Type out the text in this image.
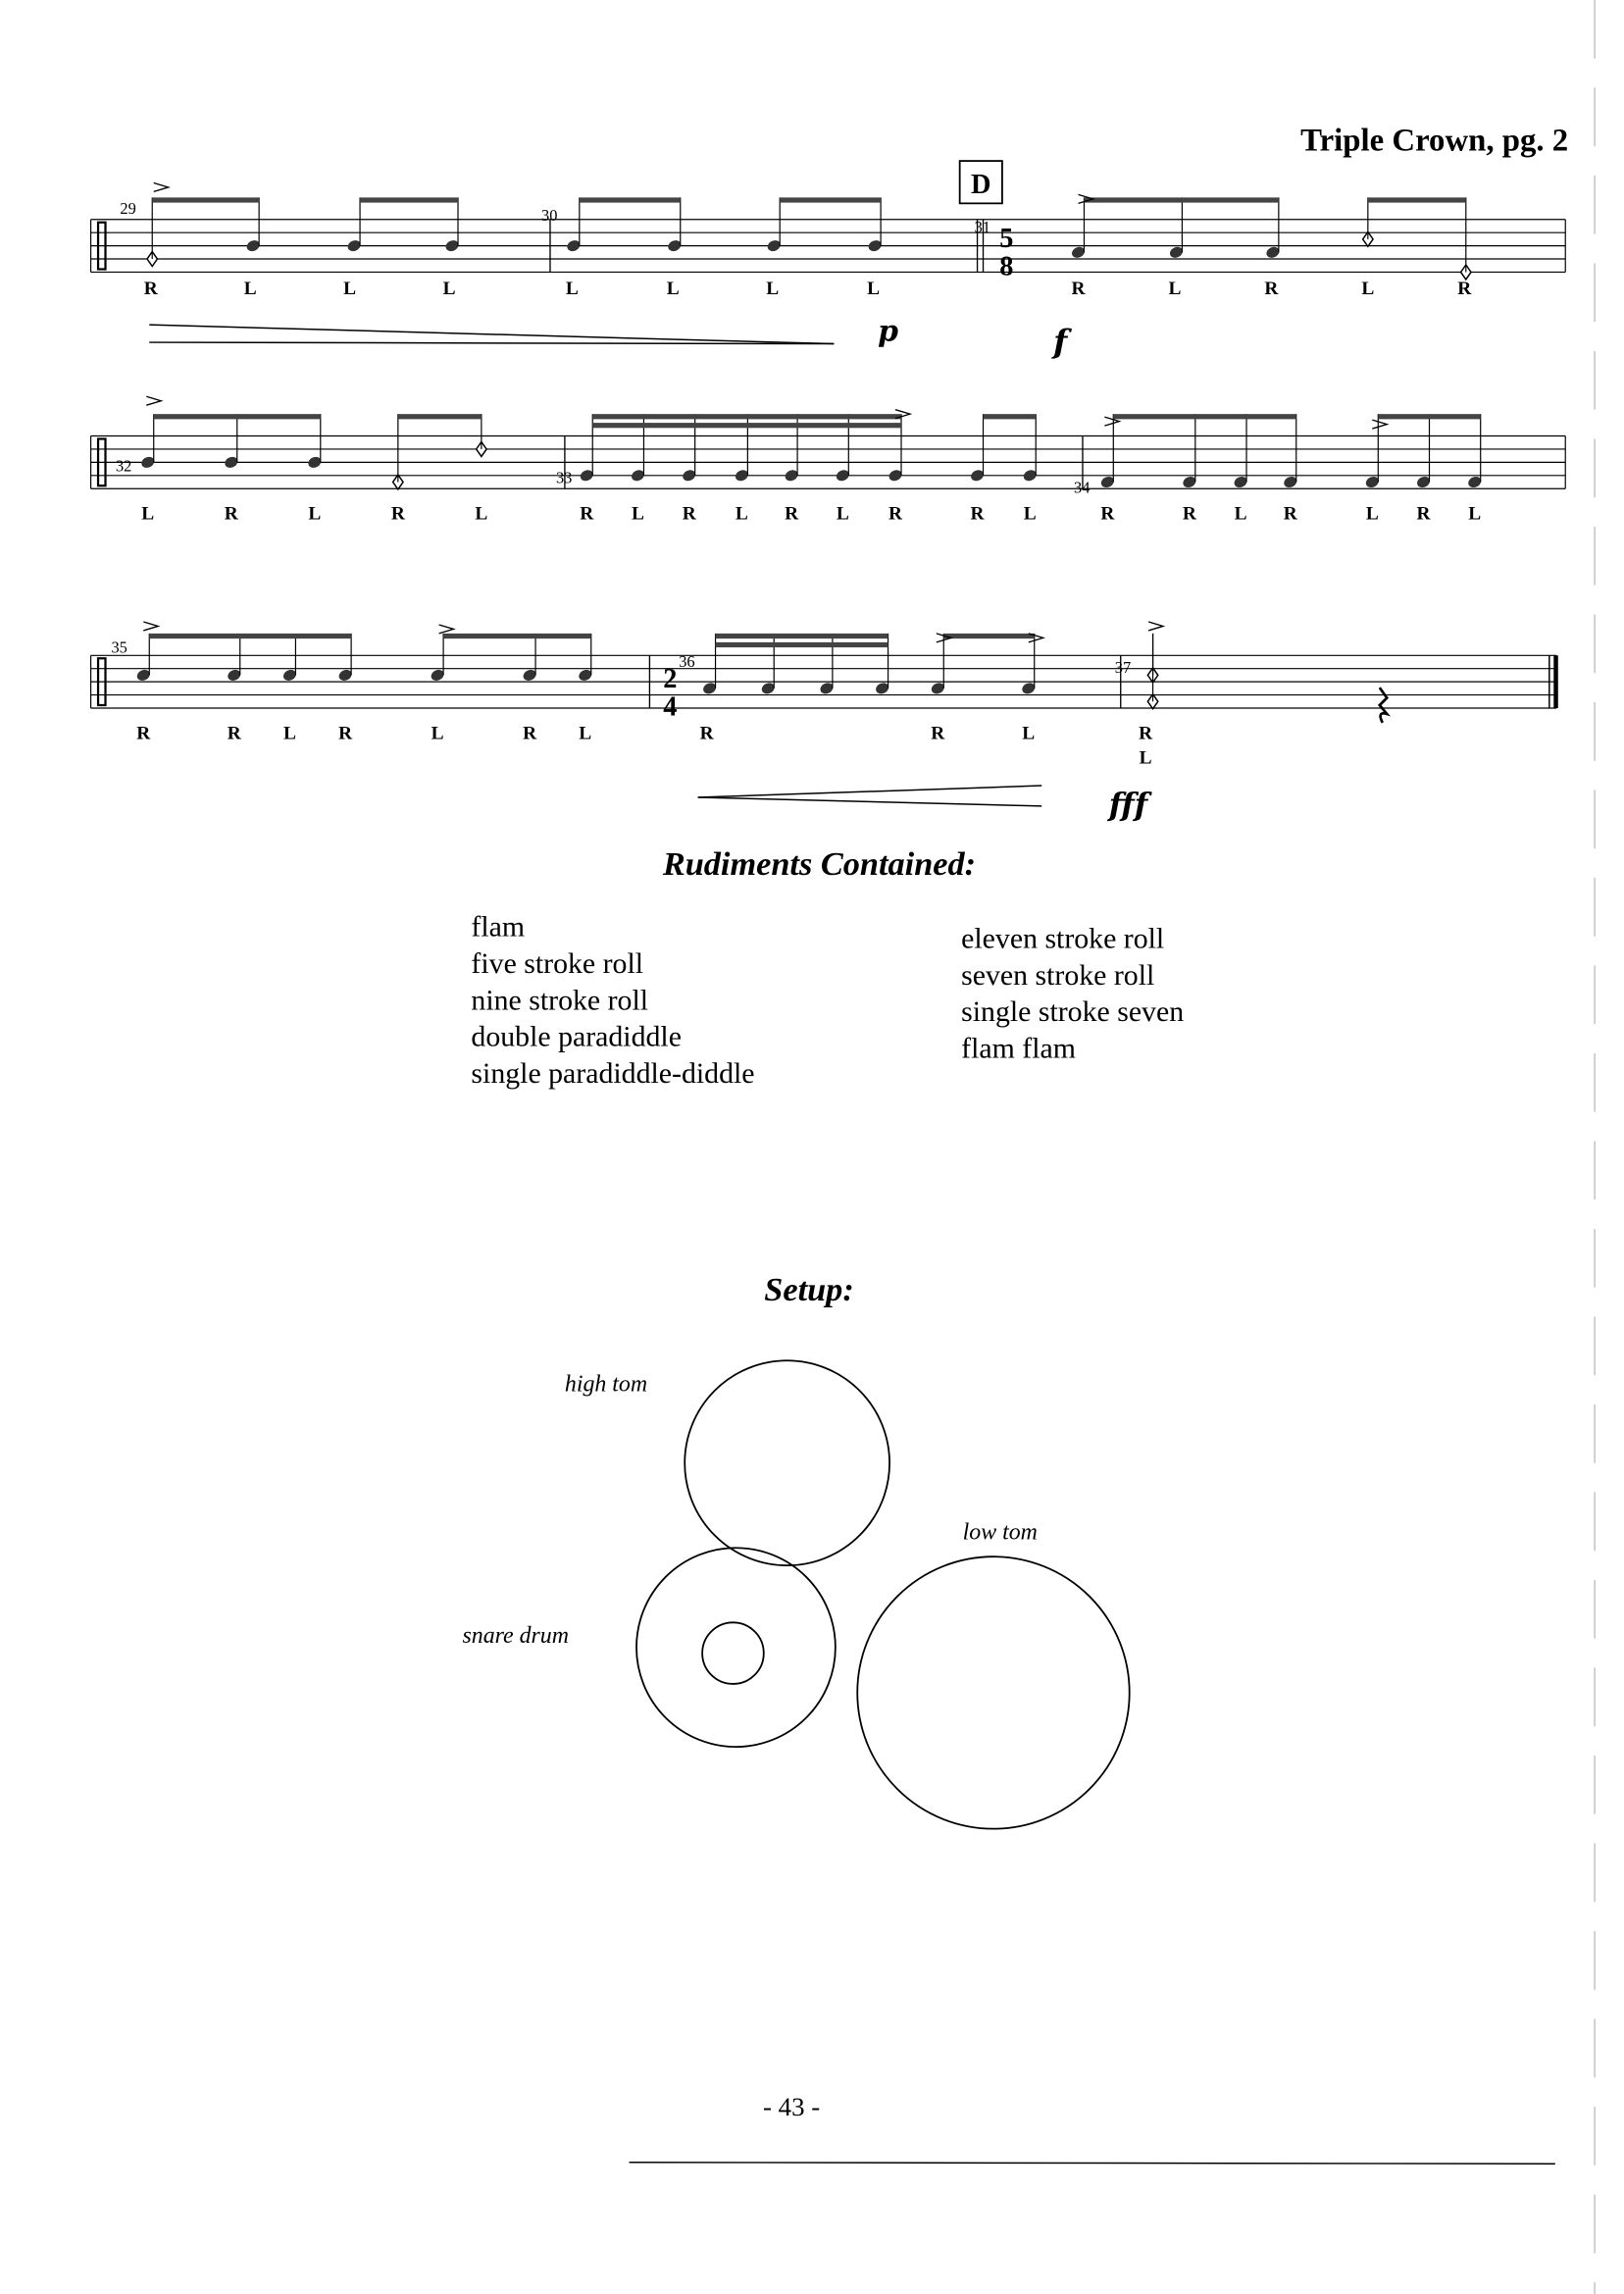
Triple Crown, pg. 2
D
R	L	L	L	L	L	L	L	R	L	R	L	R
L	R	L	R	L	R	L	R	L	R	L	R	R	L	R	R	L	R	L	R	L
R	R	L	R	L	R	L	R	R	L	R
L
29	30
31
32
33
34
35
36	37
5
8
2
4
p	f
fff
Rudiments Contained:
flam
five stroke roll
nine stroke roll
double paradiddle
single paradiddle-diddle
eleven stroke roll
seven stroke roll
single stroke seven
flam flam
Setup:
high tom
low tom
snare drum
- 43 -
